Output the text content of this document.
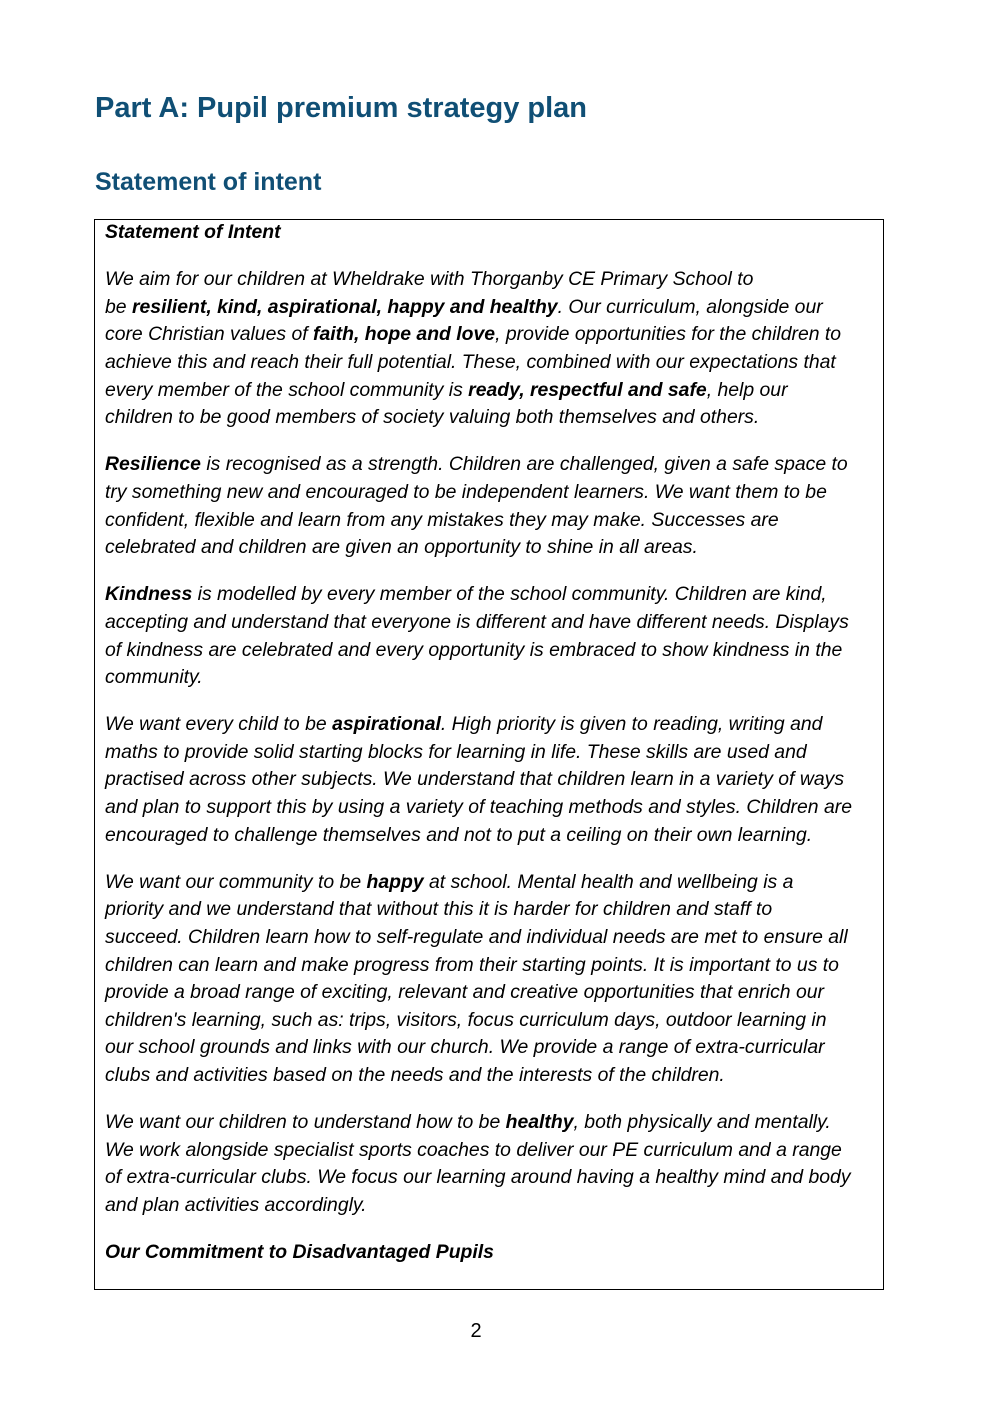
Part A: Pupil premium strategy plan
Statement of intent

Statement of Intent

We aim for our children at Wheldrake with Thorganby CE Primary School to
be resilient, kind, aspirational, happy and healthy. Our curriculum, alongside our
core Christian values of faith, hope and love, provide opportunities for the children to
achieve this and reach their full potential. These, combined with our expectations that
every member of the school community is ready, respectful and safe, help our
children to be good members of society valuing both themselves and others.

Resilience is recognised as a strength. Children are challenged, given a safe space to
try something new and encouraged to be independent learners. We want them to be
confident, flexible and learn from any mistakes they may make. Successes are
celebrated and children are given an opportunity to shine in all areas.

Kindness is modelled by every member of the school community. Children are kind,
accepting and understand that everyone is different and have different needs. Displays
of kindness are celebrated and every opportunity is embraced to show kindness in the
community.

We want every child to be aspirational. High priority is given to reading, writing and
maths to provide solid starting blocks for learning in life. These skills are used and
practised across other subjects. We understand that children learn in a variety of ways
and plan to support this by using a variety of teaching methods and styles. Children are
encouraged to challenge themselves and not to put a ceiling on their own learning.

We want our community to be happy at school. Mental health and wellbeing is a
priority and we understand that without this it is harder for children and staff to
succeed. Children learn how to self-regulate and individual needs are met to ensure all
children can learn and make progress from their starting points. It is important to us to
provide a broad range of exciting, relevant and creative opportunities that enrich our
children's learning, such as: trips, visitors, focus curriculum days, outdoor learning in
our school grounds and links with our church. We provide a range of extra-curricular
clubs and activities based on the needs and the interests of the children.

We want our children to understand how to be healthy, both physically and mentally.
We work alongside specialist sports coaches to deliver our PE curriculum and a range
of extra-curricular clubs. We focus our learning around having a healthy mind and body
and plan activities accordingly.

Our Commitment to Disadvantaged Pupils

2
